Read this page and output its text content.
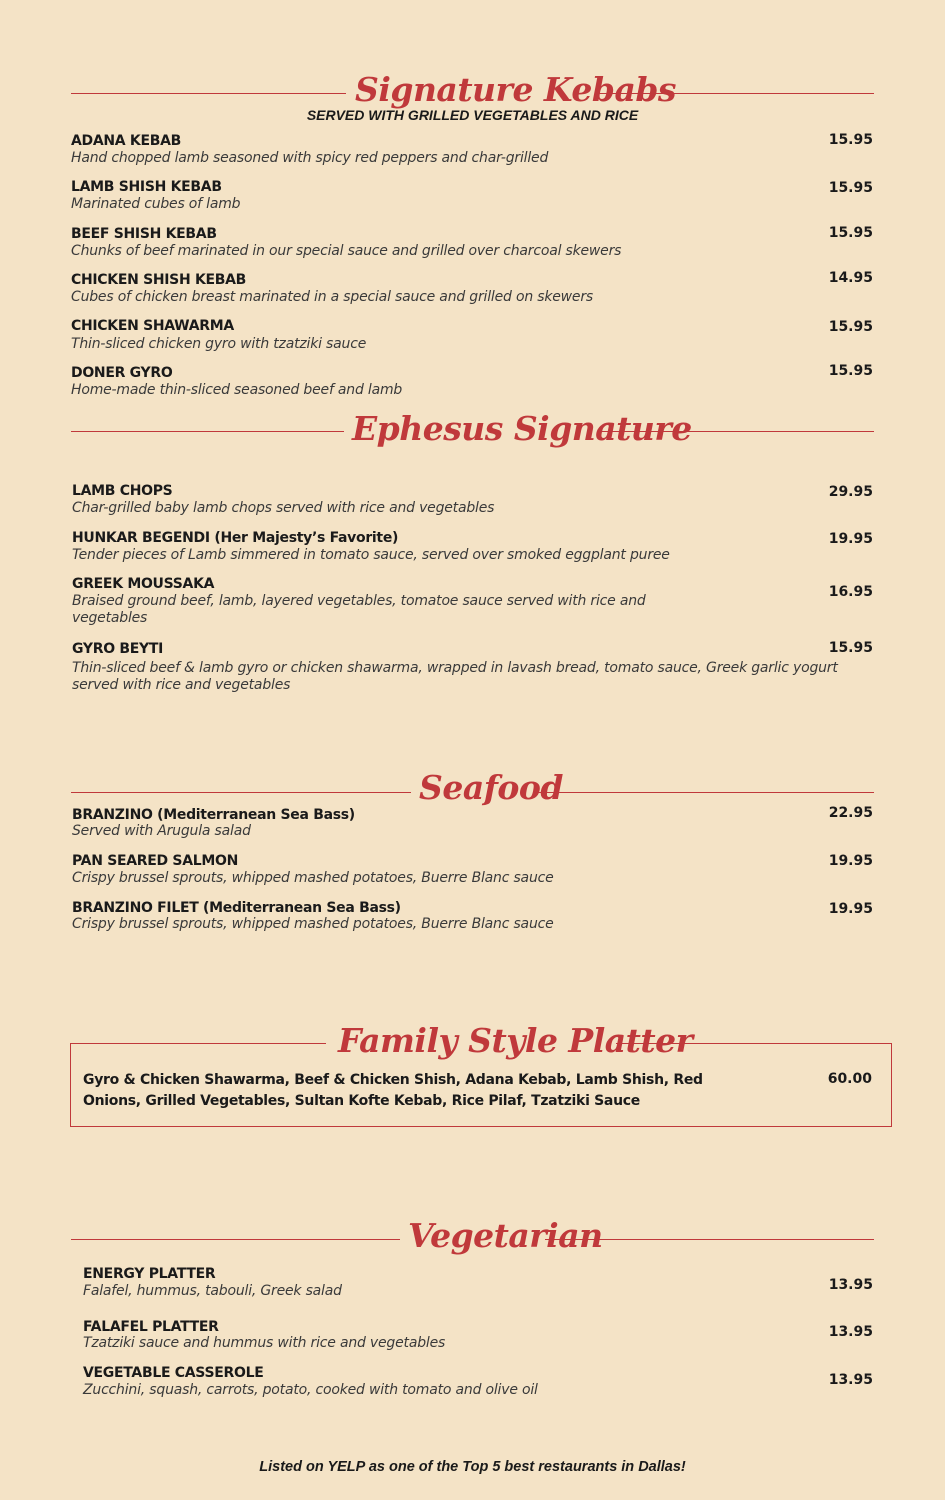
Signature Kebabs
SERVED WITH GRILLED VEGETABLES AND RICE
ADANA KEBAB
Hand chopped lamb seasoned with spicy red peppers and char-grilled
15.95
LAMB SHISH KEBAB
Marinated cubes of lamb
15.95
BEEF SHISH KEBAB
Chunks of beef marinated in our special sauce and grilled over charcoal skewers
15.95
CHICKEN SHISH KEBAB
Cubes of chicken breast marinated in a special sauce and grilled on skewers
14.95
CHICKEN SHAWARMA
Thin-sliced chicken gyro with tzatziki sauce
15.95
DONER GYRO
Home-made thin-sliced seasoned beef and lamb
15.95
Ephesus Signature
LAMB CHOPS
Char-grilled baby lamb chops served with rice and vegetables
29.95
HUNKAR BEGENDI (Her Majesty’s Favorite)
Tender pieces of Lamb simmered in tomato sauce, served over smoked eggplant puree
19.95
GREEK MOUSSAKA
Braised ground beef, lamb, layered vegetables, tomatoe sauce served with rice and vegetables
16.95
GYRO BEYTI
Thin-sliced beef & lamb gyro or chicken shawarma, wrapped in lavash bread, tomato sauce, Greek garlic yogurt served with rice and vegetables
15.95
Seafood
BRANZINO (Mediterranean Sea Bass)
Served with Arugula salad
22.95
PAN SEARED SALMON
Crispy brussel sprouts, whipped mashed potatoes, Buerre Blanc sauce
19.95
BRANZINO FILET (Mediterranean Sea Bass)
Crispy brussel sprouts, whipped mashed potatoes, Buerre Blanc sauce
19.95
Family Style Platter
Gyro & Chicken Shawarma, Beef & Chicken Shish, Adana Kebab, Lamb Shish, Red Onions, Grilled Vegetables, Sultan Kofte Kebab, Rice Pilaf, Tzatziki Sauce
60.00
Vegetarian
ENERGY PLATTER
Falafel, hummus, tabouli, Greek salad	13.95
FALAFEL PLATTER
Tzatziki sauce and hummus with rice and vegetables
13.95
VEGETABLE CASSEROLE
Zucchini, squash, carrots, potato, cooked with tomato and olive oil
13.95
Listed on YELP as one of the Top 5 best restaurants in Dallas!
